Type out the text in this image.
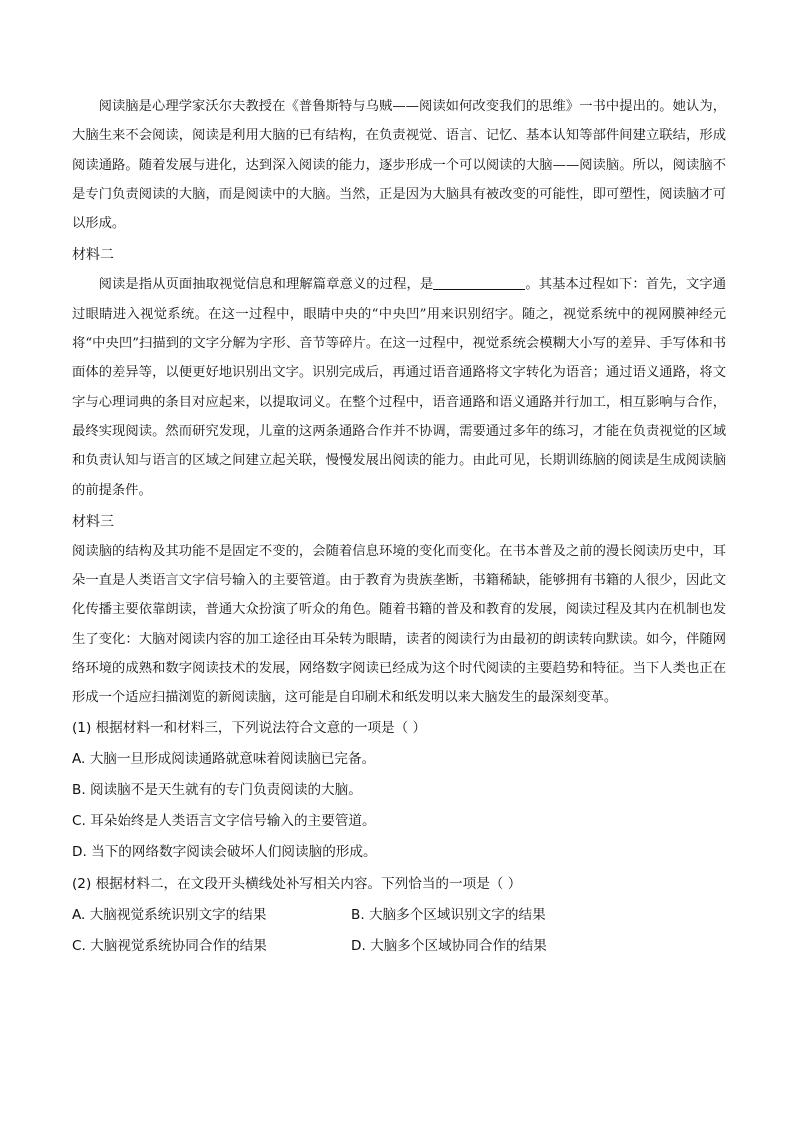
阅读脑是心理学家沃尔夫教授在《普鲁斯特与乌贼——阅读如何改变我们的思维》一书中提出的。她认为，大脑生来不会阅读，阅读是利用大脑的已有结构，在负责视觉、语言、记忆、基本认知等部件间建立联结，形成阅读通路。随着发展与进化，达到深入阅读的能力，逐步形成一个可以阅读的大脑——阅读脑。所以，阅读脑不是专门负责阅读的大脑，而是阅读中的大脑。当然，正是因为大脑具有被改变的可能性，即可塑性，阅读脑才可以形成。

材料二

阅读是指从页面抽取视觉信息和理解篇章意义的过程，是	。其基本过程如下：首先，文字通过眼睛进入视觉系统。在这一过程中，眼睛中央的“中央凹”用来识别绍字。随之，视觉系统中的视网膜神经元将“中央凹”扫描到的文字分解为字形、音节等碎片。在这一过程中，视觉系统会模糊大小写的差异、手写体和书面体的差异等，以便更好地识别出文字。识别完成后，再通过语音通路将文字转化为语音；通过语义通路，将文字与心理词典的条目对应起来，以提取词义。在整个过程中，语音通路和语义通路并行加工，相互影响与合作，最终实现阅读。然而研究发现，儿童的这两条通路合作并不协调，需要通过多年的练习，才能在负责视觉的区域和负责认知与语言的区域之间建立起关联，慢慢发展出阅读的能力。由此可见，长期训练脑的阅读是生成阅读脑的前提条件。

材料三

阅读脑的结构及其功能不是固定不变的，会随着信息环境的变化而变化。在书本普及之前的漫长阅读历史中，耳朵一直是人类语言文字信号输入的主要管道。由于教育为贵族垄断，书籍稀缺，能够拥有书籍的人很少，因此文化传播主要依靠朗读，普通大众扮演了听众的角色。随着书籍的普及和教育的发展，阅读过程及其内在机制也发生了变化：大脑对阅读内容的加工途径由耳朵转为眼睛，读者的阅读行为由最初的朗读转向默读。如今，伴随网络环境的成熟和数字阅读技术的发展，网络数字阅读已经成为这个时代阅读的主要趋势和特征。当下人类也正在形成一个适应扫描浏览的新阅读脑，这可能是自印刷术和纸发明以来大脑发生的最深刻变革。

(1) 根据材料一和材料三，下列说法符合文意的一项是（ ）
A. 大脑一旦形成阅读通路就意味着阅读脑已完备。
B. 阅读脑不是天生就有的专门负责阅读的大脑。
C. 耳朵始终是人类语言文字信号输入的主要管道。
D. 当下的网络数字阅读会破坏人们阅读脑的形成。
(2) 根据材料二，在文段开头横线处补写相关内容。下列恰当的一项是（ ）
A. 大脑视觉系统识别文字的结果	B. 大脑多个区域识别文字的结果
C. 大脑视觉系统协同合作的结果	D. 大脑多个区域协同合作的结果
